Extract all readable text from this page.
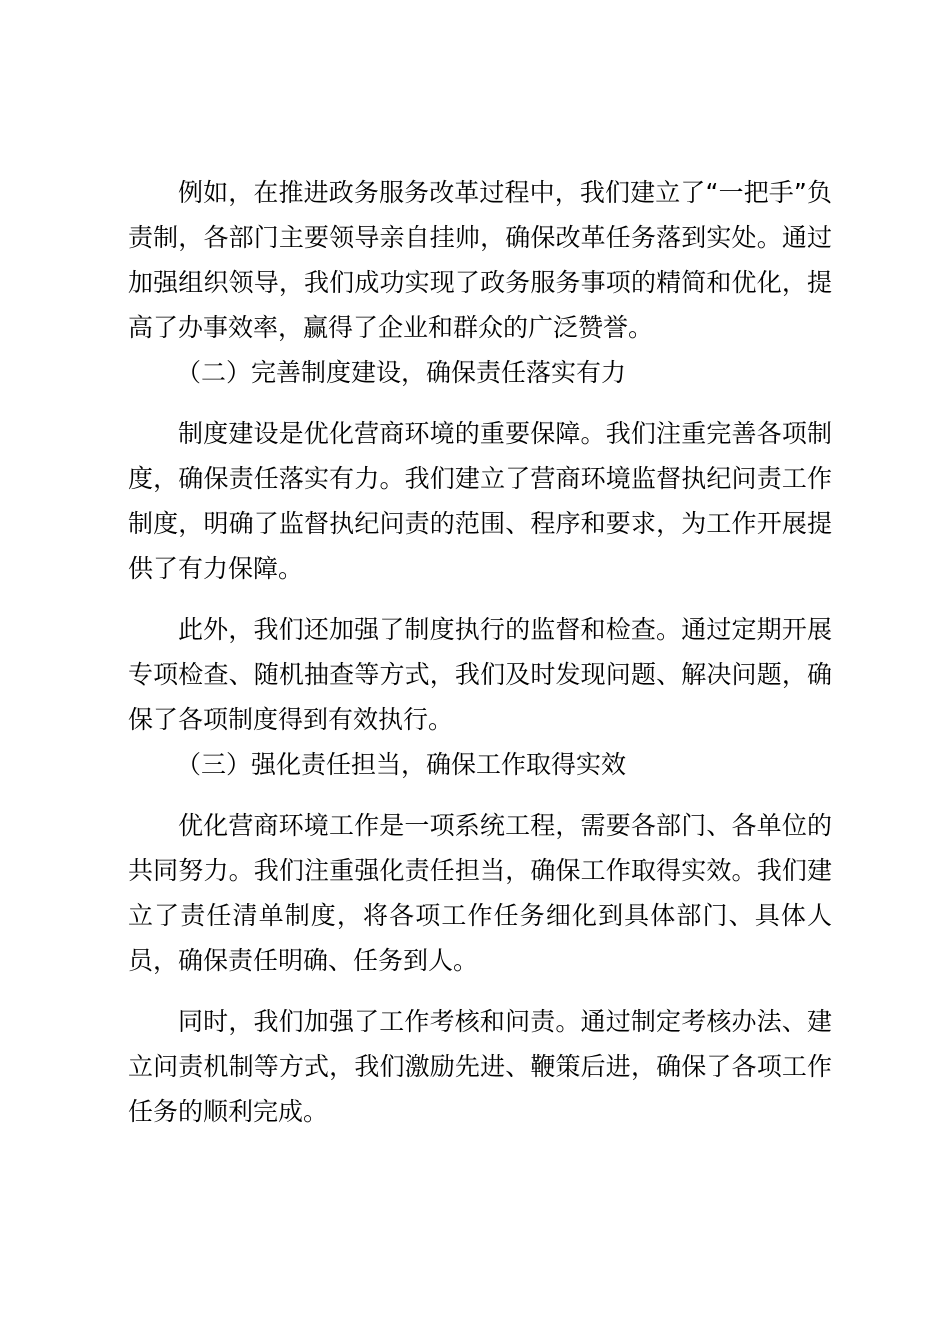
例如，在推进政务服务改革过程中，我们建立了“一把手”负责制，各部门主要领导亲自挂帅，确保改革任务落到实处。通过加强组织领导，我们成功实现了政务服务事项的精简和优化，提高了办事效率，赢得了企业和群众的广泛赞誉。

（二）完善制度建设，确保责任落实有力

制度建设是优化营商环境的重要保障。我们注重完善各项制度，确保责任落实有力。我们建立了营商环境监督执纪问责工作制度，明确了监督执纪问责的范围、程序和要求，为工作开展提供了有力保障。

此外，我们还加强了制度执行的监督和检查。通过定期开展专项检查、随机抽查等方式，我们及时发现问题、解决问题，确保了各项制度得到有效执行。

（三）强化责任担当，确保工作取得实效

优化营商环境工作是一项系统工程，需要各部门、各单位的共同努力。我们注重强化责任担当，确保工作取得实效。我们建立了责任清单制度，将各项工作任务细化到具体部门、具体人员，确保责任明确、任务到人。

同时，我们加强了工作考核和问责。通过制定考核办法、建立问责机制等方式，我们激励先进、鞭策后进，确保了各项工作任务的顺利完成。
